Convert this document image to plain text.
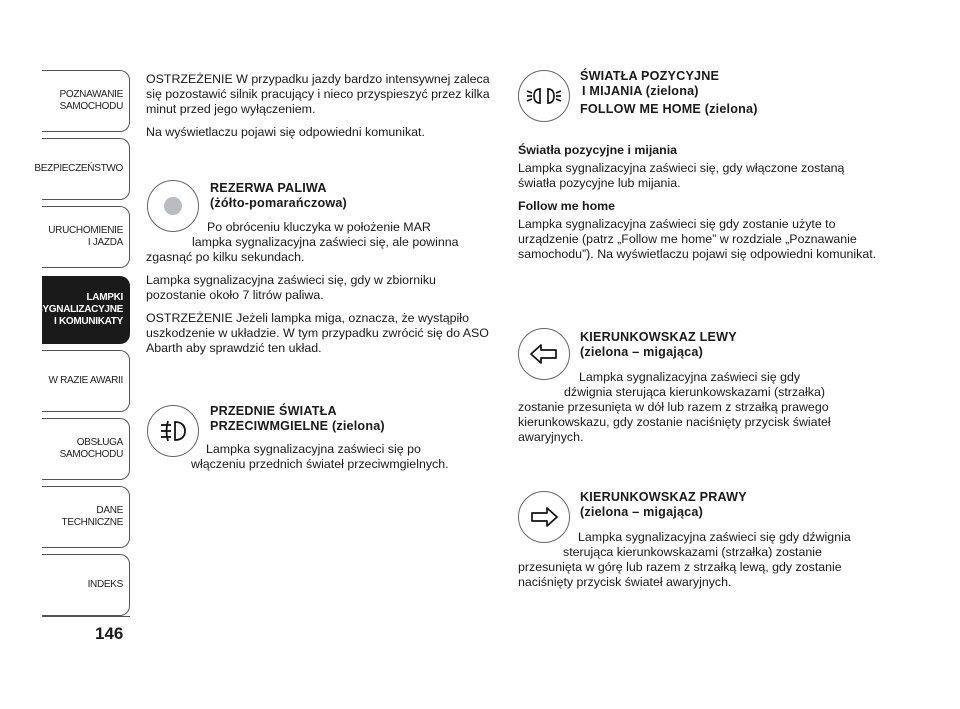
POZNAWANIE
SAMOCHODU
BEZPIECZEŃSTWO
URUCHOMIENIE
I JAZDA
LAMPKI
SYGNALIZACYJNE
I KOMUNIKATY
W RAZIE AWARII
OBSŁUGA
SAMOCHODU
DANE
TECHNICZNE
INDEKS
146

OSTRZEŻENIE W przypadku jazdy bardzo intensywnej zaleca się pozostawić silnik pracujący i nieco przyspieszyć przez kilka minut przed jego wyłączeniem.

Na wyświetlaczu pojawi się odpowiedni komunikat.

REZERWA PALIWA
(żółto-pomarańczowa)
Po obróceniu kluczyka w położenie MAR
lampka sygnalizacyjna zaświeci się, ale powinna
zgasnąć po kilku sekundach.

Lampka sygnalizacyjna zaświeci się, gdy w zbiorniku pozostanie około 7 litrów paliwa.

OSTRZEŻENIE Jeżeli lampka miga, oznacza, że wystąpiło uszkodzenie w układzie. W tym przypadku zwrócić się do ASO Abarth aby sprawdzić ten układ.

PRZEDNIE ŚWIATŁA
PRZECIWMGIELNE (zielona)
Lampka sygnalizacyjna zaświeci się po
włączeniu przednich świateł przeciwmgielnych.
ŚWIATŁA POZYCYJNE
I MIJANIA (zielona)
FOLLOW ME HOME (zielona)
Światła pozycyjne i mijania

Lampka sygnalizacyjna zaświeci się, gdy włączone zostaną światła pozycyjne lub mijania.

Follow me home

Lampka sygnalizacyjna zaświeci się gdy zostanie użyte to urządzenie (patrz „Follow me home” w rozdziale „Poznawanie samochodu”). Na wyświetlaczu pojawi się odpowiedni komunikat.

KIERUNKOWSKAZ LEWY
(zielona – migająca)
Lampka sygnalizacyjna zaświeci się gdy
dźwignia sterująca kierunkowskazami (strzałka)
zostanie przesunięta w dół lub razem z strzałką prawego kierunkowskazu, gdy zostanie naciśnięty przycisk świateł awaryjnych.
KIERUNKOWSKAZ PRAWY
(zielona – migająca)
Lampka sygnalizacyjna zaświeci się gdy dźwignia
sterująca kierunkowskazami (strzałka) zostanie
przesunięta w górę lub razem z strzałką lewą, gdy zostanie naciśnięty przycisk świateł awaryjnych.
